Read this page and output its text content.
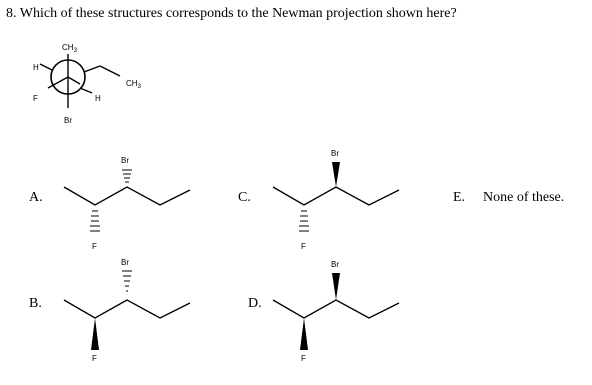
8. Which of these structures corresponds to the Newman projection shown here?
$CH_3$
H
F
Br
$CH_3$
H
Br
F
Br
F
Br
F
Br
F
A.
B.
C.
D.
E. None of these.
